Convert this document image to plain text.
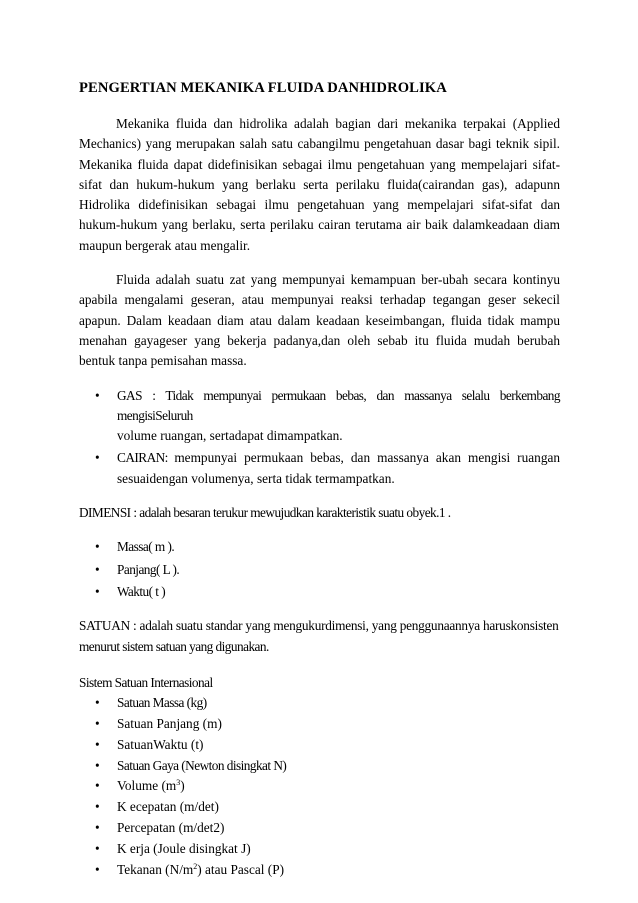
PENGERTIAN MEKANIKA FLUIDA DANHIDROLIKA

Mekanika fluida dan hidrolika adalah bagian dari mekanika terpakai (Applied Mechanics) yang merupakan salah satu cabangilmu pengetahuan dasar bagi teknik sipil. Mekanika fluida dapat didefinisikan sebagai ilmu pengetahuan yang mempelajari sifat-sifat dan hukum-hukum yang berlaku serta perilaku fluida(cairandan gas), adapunn Hidrolika didefinisikan sebagai ilmu pengetahuan yang mempelajari sifat-sifat dan hukum-hukum yang berlaku, serta perilaku cairan terutama air baik dalamkeadaan diam maupun bergerak atau mengalir.

Fluida adalah suatu zat yang mempunyai kemampuan ber-ubah secara kontinyu apabila mengalami geseran, atau mempunyai reaksi terhadap tegangan geser sekecil apapun. Dalam keadaan diam atau dalam keadaan keseimbangan, fluida tidak mampu menahan gayageser yang bekerja padanya,dan oleh sebab itu fluida mudah berubah bentuk tanpa pemisahan massa.

• GAS : Tidak mempunyai permukaan bebas, dan massanya selalu berkembang mengisiSeluruh
volume ruangan, sertadapat dimampatkan.
• CAIRAN: mempunyai permukaan bebas, dan massanya akan mengisi ruangan sesuaidengan volumenya, serta tidak termampatkan.

DIMENSI : adalah besaran terukur mewujudkan karakteristik suatu obyek.1 .

• Massa( m ).
• Panjang( L ).
• Waktu( t )
SATUAN : adalah suatu standar yang mengukurdimensi, yang penggunaannya haruskonsisten
menurut sistem satuan yang digunakan.
Sistem Satuan Internasional
• Satuan Massa (kg)
• Satuan Panjang (m)
• SatuanWaktu (t)
• Satuan Gaya (Newton disingkat N)
• Volume $(m^3)$
• K ecepatan (m/det)
• Percepatan (m/det2)
• K erja (Joule disingkat J)
• Tekanan $(N/m^2)$ atau Pascal (P)
